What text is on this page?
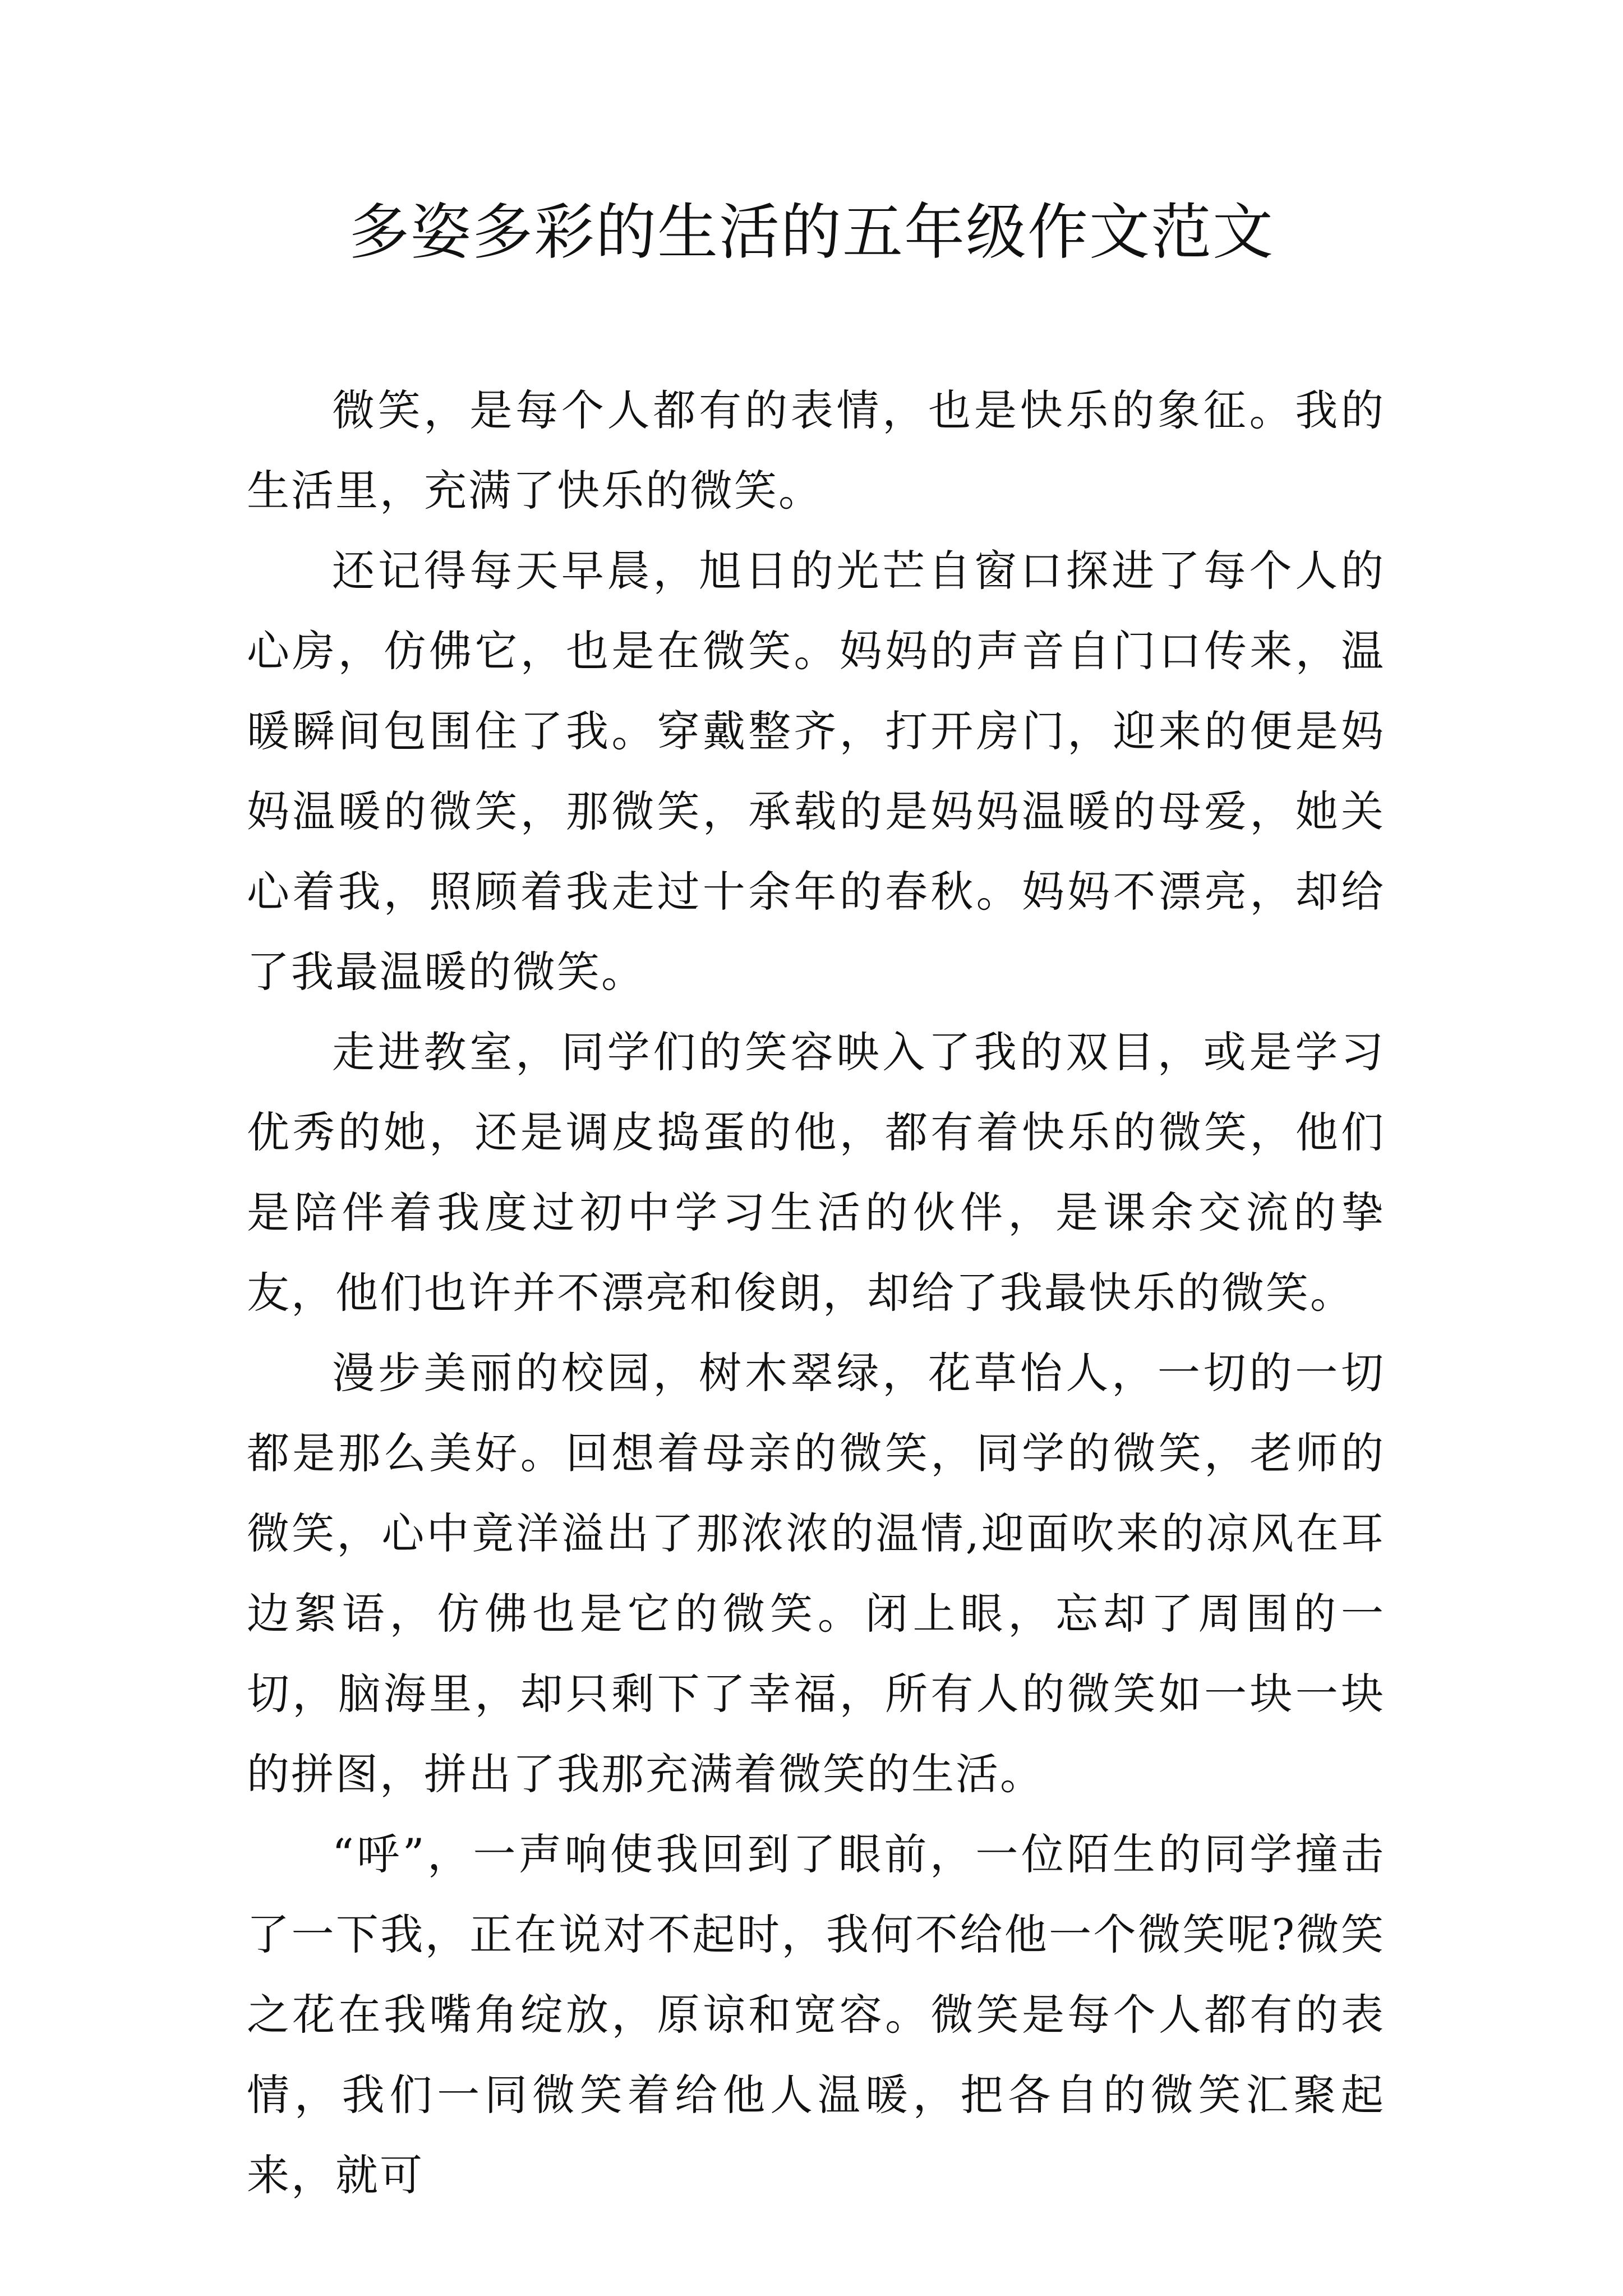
多姿多彩的生活的五年级作文范文

微笑，是每个人都有的表情，也是快乐的象征。我的生活里，充满了快乐的微笑。

还记得每天早晨，旭日的光芒自窗口探进了每个人的心房，仿佛它，也是在微笑。妈妈的声音自门口传来，温暖瞬间包围住了我。穿戴整齐，打开房门，迎来的便是妈妈温暖的微笑，那微笑，承载的是妈妈温暖的母爱，她关心着我，照顾着我走过十余年的春秋。妈妈不漂亮，却给了我最温暖的微笑。

走进教室，同学们的笑容映入了我的双目，或是学习优秀的她，还是调皮捣蛋的他，都有着快乐的微笑，他们是陪伴着我度过初中学习生活的伙伴，是课余交流的挚友，他们也许并不漂亮和俊朗，却给了我最快乐的微笑。

漫步美丽的校园，树木翠绿，花草怡人，一切的一切都是那么美好。回想着母亲的微笑，同学的微笑，老师的微笑，心中竟洋溢出了那浓浓的温情,迎面吹来的凉风在耳边絮语，仿佛也是它的微笑。闭上眼，忘却了周围的一切，脑海里，却只剩下了幸福，所有人的微笑如一块一块的拼图，拼出了我那充满着微笑的生活。

“呼”，一声响使我回到了眼前，一位陌生的同学撞击了一下我，正在说对不起时，我何不给他一个微笑呢?微笑之花在我嘴角绽放，原谅和宽容。微笑是每个人都有的表情，我们一同微笑着给他人温暖，把各自的微笑汇聚起来，就可
